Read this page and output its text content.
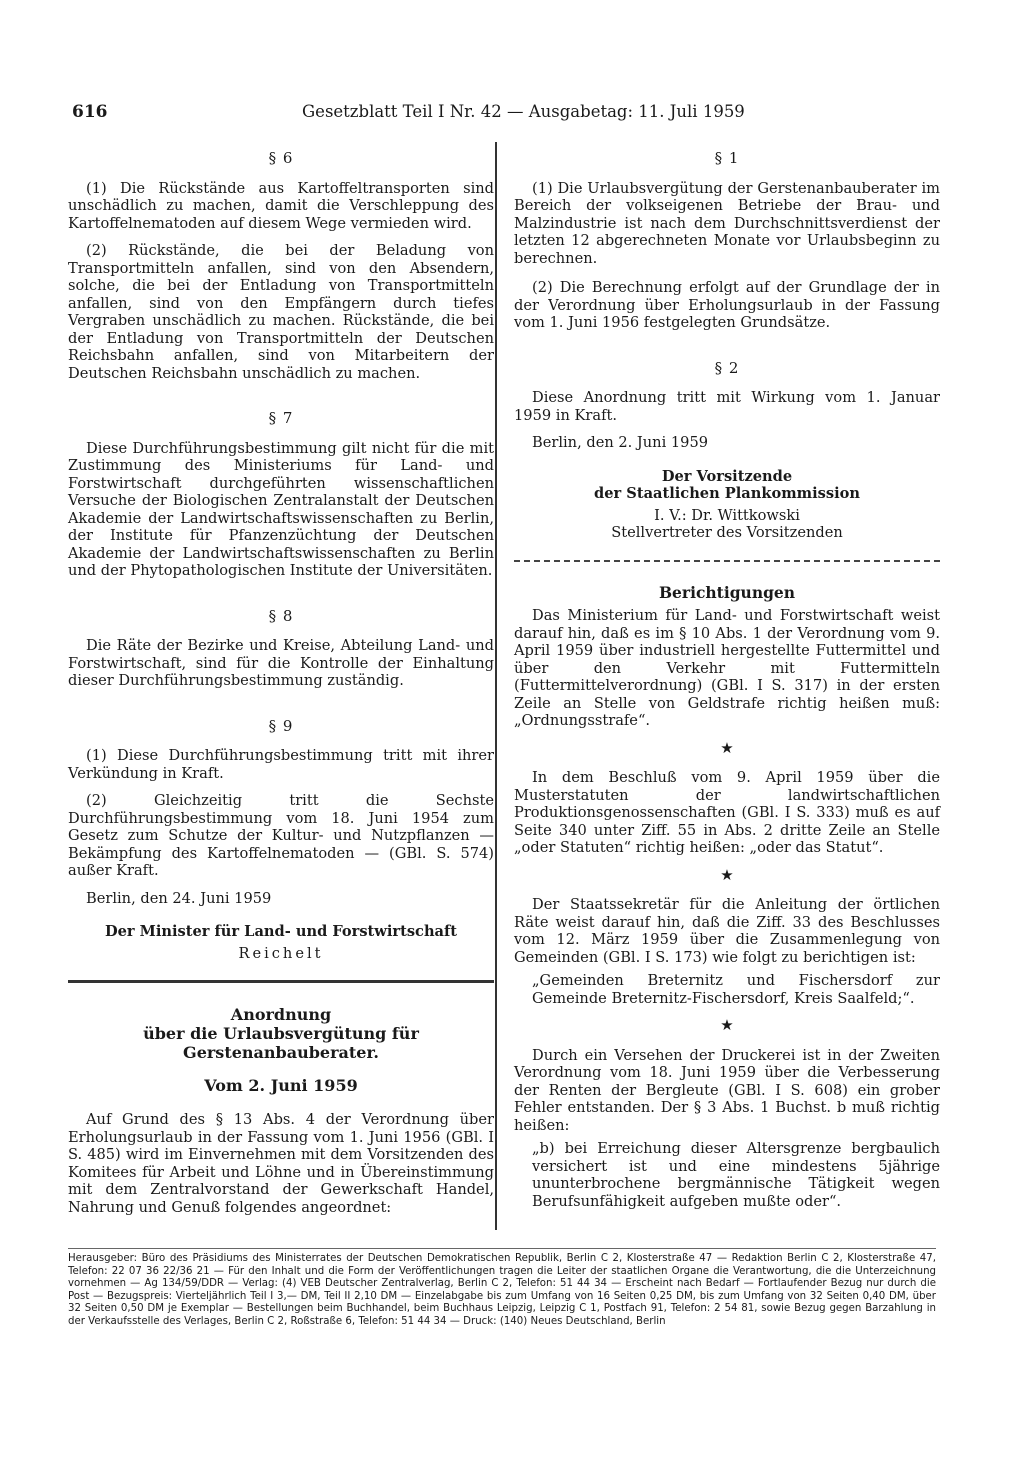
616	Gesetzblatt Teil I Nr. 42 — Ausgabetag: 11. Juli 1959
§ 6

(1) Die Rückstände aus Kartoffeltransporten sind unschädlich zu machen, damit die Verschleppung des Kartoffelnematoden auf diesem Wege vermieden wird.

(2) Rückstände, die bei der Beladung von Transportmitteln anfallen, sind von den Absendern, solche, die bei der Entladung von Transportmitteln anfallen, sind von den Empfängern durch tiefes Vergraben unschädlich zu machen. Rückstände, die bei der Entladung von Transportmitteln der Deutschen Reichsbahn anfallen, sind von Mitarbeitern der Deutschen Reichsbahn unschädlich zu machen.

§ 7

Diese Durchführungsbestimmung gilt nicht für die mit Zustimmung des Ministeriums für Land- und Forstwirtschaft durchgeführten wissenschaftlichen Versuche der Biologischen Zentralanstalt der Deutschen Akademie der Landwirtschaftswissenschaften zu Berlin, der Institute für Pfanzenzüchtung der Deutschen Akademie der Landwirtschaftswissenschaften zu Berlin und der Phytopathologischen Institute der Universitäten.

§ 8

Die Räte der Bezirke und Kreise, Abteilung Land- und Forstwirtschaft, sind für die Kontrolle der Einhaltung dieser Durchführungsbestimmung zuständig.

§ 9

(1) Diese Durchführungsbestimmung tritt mit ihrer Verkündung in Kraft.

(2) Gleichzeitig tritt die Sechste Durchführungsbestimmung vom 18. Juni 1954 zum Gesetz zum Schutze der Kultur- und Nutzpflanzen — Bekämpfung des Kartoffelnematoden — (GBl. S. 574) außer Kraft.

Berlin, den 24. Juni 1959

Der Minister für Land- und Forstwirtschaft
Reichelt
Anordnung
über die Urlaubsvergütung für Gerstenanbauberater.
Vom 2. Juni 1959

Auf Grund des § 13 Abs. 4 der Verordnung über Erholungsurlaub in der Fassung vom 1. Juni 1956 (GBl. I S. 485) wird im Einvernehmen mit dem Vorsitzenden des Komitees für Arbeit und Löhne und in Übereinstimmung mit dem Zentralvorstand der Gewerkschaft Handel, Nahrung und Genuß folgendes angeordnet:

§ 1

(1) Die Urlaubsvergütung der Gerstenanbauberater im Bereich der volkseigenen Betriebe der Brau- und Malzindustrie ist nach dem Durchschnittsverdienst der letzten 12 abgerechneten Monate vor Urlaubsbeginn zu berechnen.

(2) Die Berechnung erfolgt auf der Grundlage der in der Verordnung über Erholungsurlaub in der Fassung vom 1. Juni 1956 festgelegten Grundsätze.

§ 2

Diese Anordnung tritt mit Wirkung vom 1. Januar 1959 in Kraft.

Berlin, den 2. Juni 1959

Der Vorsitzende
der Staatlichen Plankommission
I. V.: Dr. Wittkowski
Stellvertreter des Vorsitzenden
Berichtigungen

Das Ministerium für Land- und Forstwirtschaft weist darauf hin, daß es im § 10 Abs. 1 der Verordnung vom 9. April 1959 über industriell hergestellte Futtermittel und über den Verkehr mit Futtermitteln (Futtermittelverordnung) (GBl. I S. 317) in der ersten Zeile an Stelle von Geldstrafe richtig heißen muß: „Ordnungsstrafe“.

★

In dem Beschluß vom 9. April 1959 über die Musterstatuten der landwirtschaftlichen Produktionsgenossenschaften (GBl. I S. 333) muß es auf Seite 340 unter Ziff. 55 in Abs. 2 dritte Zeile an Stelle „oder Statuten“ richtig heißen: „oder das Statut“.

★

Der Staatssekretär für die Anleitung der örtlichen Räte weist darauf hin, daß die Ziff. 33 des Beschlusses vom 12. März 1959 über die Zusammenlegung von Gemeinden (GBl. I S. 173) wie folgt zu berichtigen ist:

„Gemeinden Breternitz und Fischersdorf zur Gemeinde Breternitz-Fischersdorf, Kreis Saalfeld;“.

★

Durch ein Versehen der Druckerei ist in der Zweiten Verordnung vom 18. Juni 1959 über die Verbesserung der Renten der Bergleute (GBl. I S. 608) ein grober Fehler entstanden. Der § 3 Abs. 1 Buchst. b muß richtig heißen:

„b) bei Erreichung dieser Altersgrenze bergbaulich versichert ist und eine mindestens 5jährige ununterbrochene bergmännische Tätigkeit wegen Berufsunfähigkeit aufgeben mußte oder“.

Herausgeber: Büro des Präsidiums des Ministerrates der Deutschen Demokratischen Republik, Berlin C 2, Klosterstraße 47 — Redaktion Berlin C 2, Klosterstraße 47, Telefon: 22 07 36 22/36 21 — Für den Inhalt und die Form der Veröffentlichungen tragen die Leiter der staatlichen Organe die Verantwortung, die die Unterzeichnung vornehmen — Ag 134/59/DDR — Verlag: (4) VEB Deutscher Zentralverlag, Berlin C 2, Telefon: 51 44 34 — Erscheint nach Bedarf — Fortlaufender Bezug nur durch die Post — Bezugspreis: Vierteljährlich Teil I 3,— DM, Teil II 2,10 DM — Einzelabgabe bis zum Umfang von 16 Seiten 0,25 DM, bis zum Umfang von 32 Seiten 0,40 DM, über 32 Seiten 0,50 DM je Exemplar — Bestellungen beim Buchhandel, beim Buchhaus Leipzig, Leipzig C 1, Postfach 91, Telefon: 2 54 81, sowie Bezug gegen Barzahlung in der Verkaufsstelle des Verlages, Berlin C 2, Roßstraße 6, Telefon: 51 44 34 — Druck: (140) Neues Deutschland, Berlin
